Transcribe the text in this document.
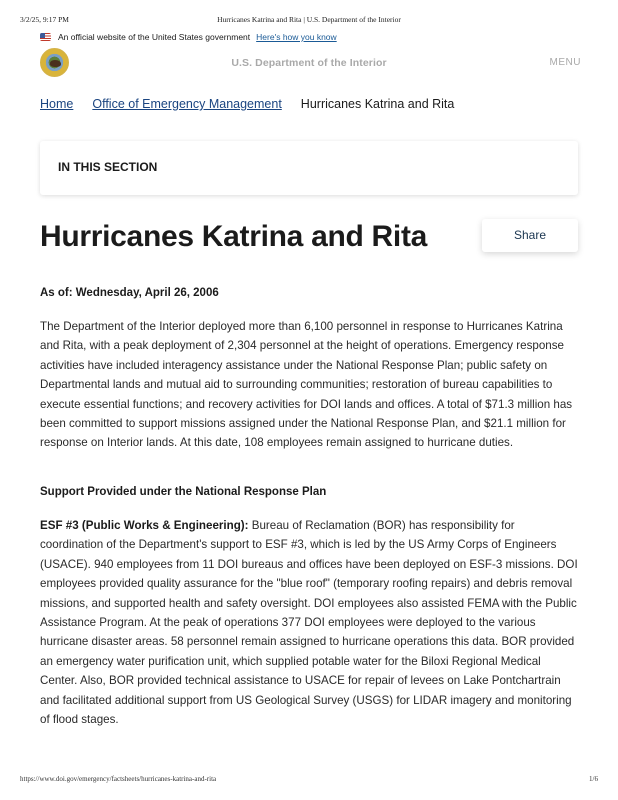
3/2/25, 9:17 PM	Hurricanes Katrina and Rita | U.S. Department of the Interior
An official website of the United States government Here's how you know
U.S. Department of the Interior	MENU
Home Office of Emergency Management Hurricanes Katrina and Rita
IN THIS SECTION
Hurricanes Katrina and Rita	Share
As of: Wednesday, April 26, 2006

The Department of the Interior deployed more than 6,100 personnel in response to Hurricanes Katrina and Rita, with a peak deployment of 2,304 personnel at the height of operations. Emergency response activities have included interagency assistance under the National Response Plan; public safety on Departmental lands and mutual aid to surrounding communities; restoration of bureau capabilities to execute essential functions; and recovery activities for DOI lands and offices. A total of $71.3 million has been committed to support missions assigned under the National Response Plan, and $21.1 million for response on Interior lands. At this date, 108 employees remain assigned to hurricane duties.

Support Provided under the National Response Plan

ESF #3 (Public Works & Engineering): Bureau of Reclamation (BOR) has responsibility for coordination of the Department's support to ESF #3, which is led by the US Army Corps of Engineers (USACE). 940 employees from 11 DOI bureaus and offices have been deployed on ESF-3 missions. DOI employees provided quality assurance for the "blue roof" (temporary roofing repairs) and debris removal missions, and supported health and safety oversight. DOI employees also assisted FEMA with the Public Assistance Program. At the peak of operations 377 DOI employees were deployed to the various hurricane disaster areas. 58 personnel remain assigned to hurricane operations this data. BOR provided an emergency water purification unit, which supplied potable water for the Biloxi Regional Medical Center. Also, BOR provided technical assistance to USACE for repair of levees on Lake Pontchartrain and facilitated additional support from US Geological Survey (USGS) for LIDAR imagery and monitoring of flood stages.

https://www.doi.gov/emergency/factsheets/hurricanes-katrina-and-rita	1/6
